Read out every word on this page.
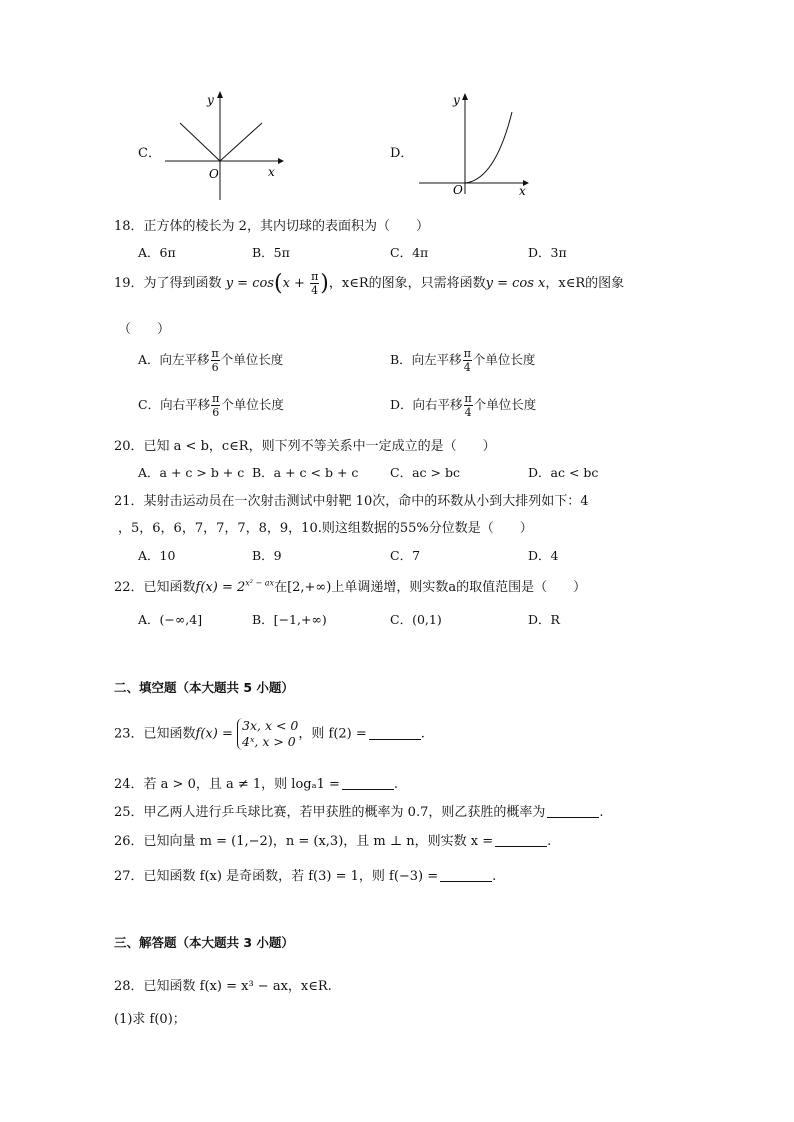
C．
O	x
y
D．
O	x
y
18．正方体的棱长为 2，其内切球的表面积为（　　）
A．6π	B．5π	C．4π	D．3π
19．为了得到函数 $y = \cos(x + \frac{\pi}{4}$ )，x∈R的图象，只需将函数y = cos x，x∈R的图象
（　　）
A．向左平移 $\frac{\pi}{6}$ 个单位长度	B．向左平移 $\frac{\pi}{4}$ 个单位长度
C．向右平移 $\frac{\pi}{6}$ 个单位长度	D．向右平移 $\frac{\pi}{4}$ 个单位长度
20．已知 a < b，c∈R，则下列不等关系中一定成立的是（　　）
A．a + c > b + c B．a + c < b + c	C．ac > bc	D．ac < bc
21．某射击运动员在一次射击测试中射靶 10次，命中的环数从小到大排列如下：4
，5，6，6，7，7，7，8，9，10.则这组数据的55%分位数是（　　）
A．10	B．9	C．7	D．4
22．已知函数$f(x) = 2^{x^2 - ax}$在[2,+∞)上单调递增，则实数a的取值范围是（　　）
A．(−∞,4]	B．[−1,+∞)	C．(0,1)	D．R
二、填空题（本大题共 5 小题）
23．已知函数f(x) =
3x, x < 0
4ˣ, x > 0 ，则 f(2) =	.
24．若 a > 0，且 a ≠ 1，则 logₐ1 =	.
25．甲乙两人进行乒乓球比赛，若甲获胜的概率为 0.7，则乙获胜的概率为	.
26．已知向量 m = (1,−2)，n = (x,3)，且 m ⊥ n，则实数 x =	.
27．已知函数 f(x) 是奇函数，若 f(3) = 1，则 f(−3) =	.
三、解答题（本大题共 3 小题）
28．已知函数 f(x) = x³ − ax，x∈R.
(1)求 f(0)；
